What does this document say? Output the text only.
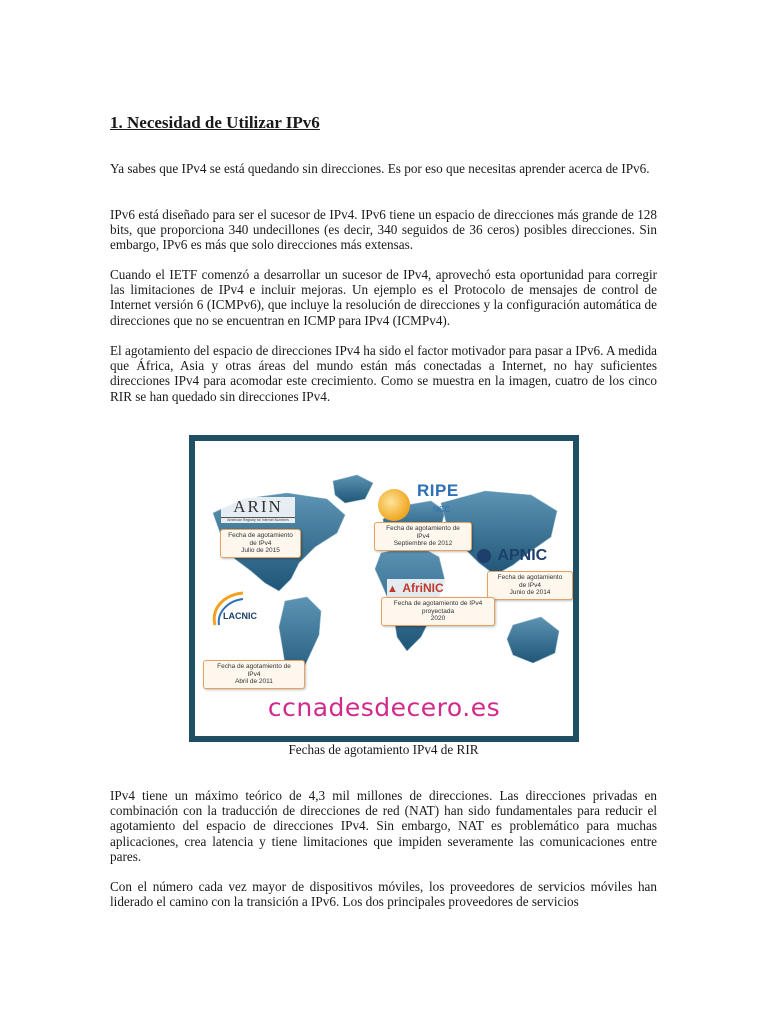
1. Necesidad de Utilizar IPv6

Ya sabes que IPv4 se está quedando sin direcciones. Es por eso que necesitas aprender acerca de IPv6.

IPv6 está diseñado para ser el sucesor de IPv4. IPv6 tiene un espacio de direcciones más grande de 128 bits, que proporciona 340 undecillones (es decir, 340 seguidos de 36 ceros) posibles direcciones. Sin embargo, IPv6 es más que solo direcciones más extensas.

Cuando el IETF comenzó a desarrollar un sucesor de IPv4, aprovechó esta oportunidad para corregir las limitaciones de IPv4 e incluir mejoras. Un ejemplo es el Protocolo de mensajes de control de Internet versión 6 (ICMPv6), que incluye la resolución de direcciones y la configuración automática de direcciones que no se encuentran en ICMP para IPv4 (ICMPv4).

El agotamiento del espacio de direcciones IPv4 ha sido el factor motivador para pasar a IPv6. A medida que África, Asia y otras áreas del mundo están más conectadas a Internet, no hay suficientes direcciones IPv4 para acomodar este crecimiento. Como se muestra en la imagen, cuatro de los cinco RIR se han quedado sin direcciones IPv4.

ARIN
American Registry for Internet Numbers
Fecha de agotamiento
de IPv4
Julio de 2015
RIPE
NCC
Fecha de agotamiento de
IPv4
Septiembre de 2012
APNIC
Fecha de agotamiento
de IPv4
Junio de 2014
▲ AfriNIC
Fecha de agotamiento de IPv4
proyectada
2020
LACNIC
Fecha de agotamiento de
IPv4
Abril de 2011
ccnadesdecero.es
Fechas de agotamiento IPv4 de RIR

IPv4 tiene un máximo teórico de 4,3 mil millones de direcciones. Las direcciones privadas en combinación con la traducción de direcciones de red (NAT) han sido fundamentales para reducir el agotamiento del espacio de direcciones IPv4. Sin embargo, NAT es problemático para muchas aplicaciones, crea latencia y tiene limitaciones que impiden severamente las comunicaciones entre pares.

Con el número cada vez mayor de dispositivos móviles, los proveedores de servicios móviles han liderado el camino con la transición a IPv6. Los dos principales proveedores de servicios
